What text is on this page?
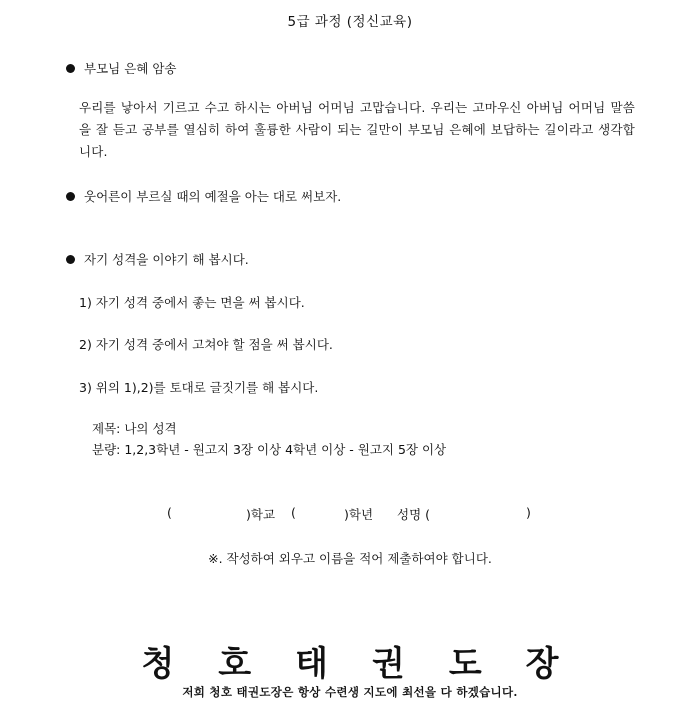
5급 과정 (정신교육)
부모님 은혜 암송
우리를 낳아서 기르고 수고 하시는 아버님 어머님 고맙습니다. 우리는 고마우신 아버님 어머님 말씀을 잘 듣고 공부를 열심히 하여 훌륭한 사람이 되는 길만이 부모님 은혜에 보답하는 길이라고 생각합니다.
웃어른이 부르실 때의 예절을 아는 대로 써보자.
자기 성격을 이야기 해 봅시다.
1) 자기 성격 중에서 좋는 면을 써 봅시다.
2) 자기 성격 중에서 고쳐야 할 점을 써 봅시다.
3) 위의 1),2)를 토대로 글짓기를 해 봅시다.
제목: 나의 성격
분량: 1,2,3학년 - 원고지 3장 이상 4학년 이상 - 원고지 5장 이상
(	)학교 (	)학년 성명 (	)
※. 작성하여 외우고 이름을 적어 제출하여야 합니다.
청호태권도장
저희 청호 태권도장은 항상 수련생 지도에 최선을 다 하겠습니다.
